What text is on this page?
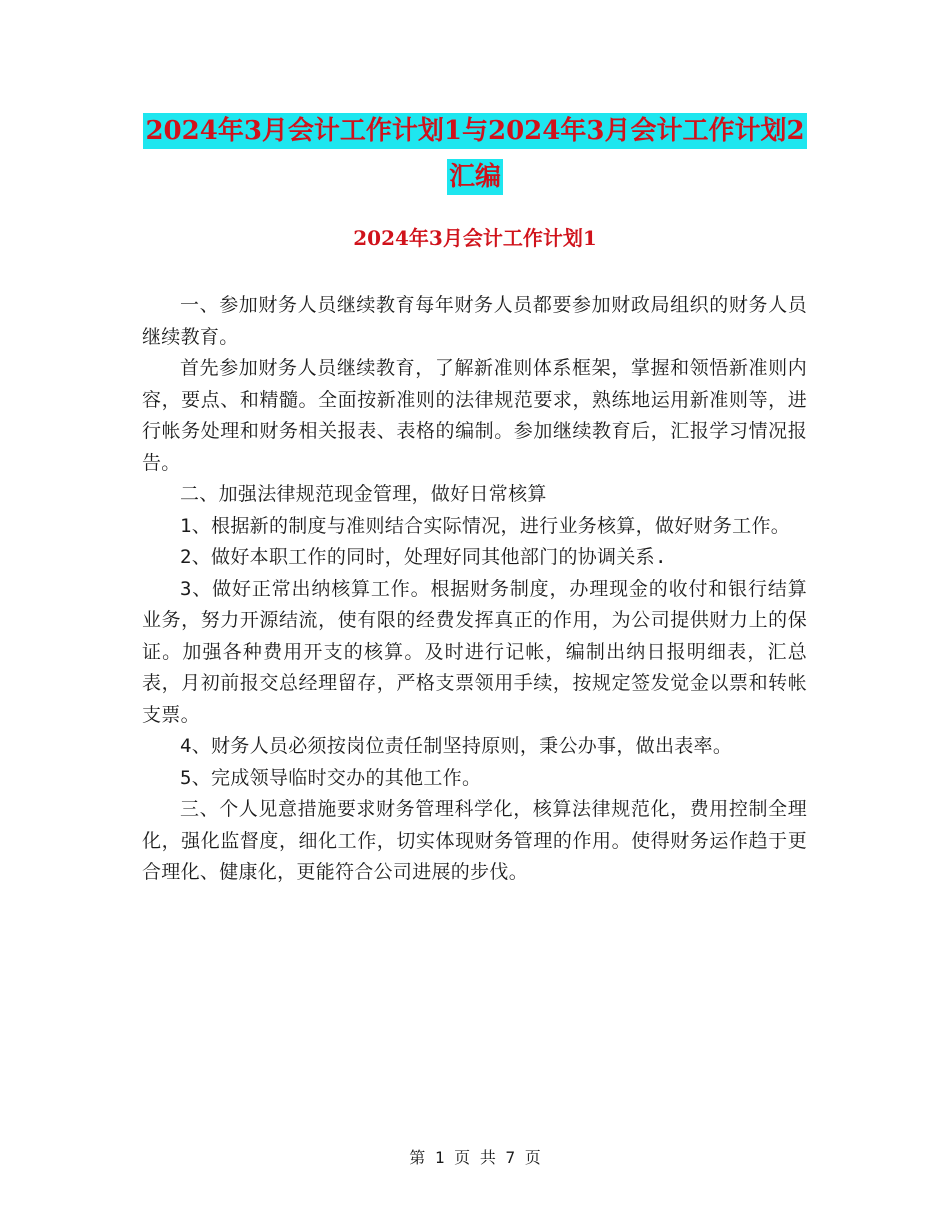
2024年3月会计工作计划1与2024年3月会计工作计划2汇编
2024年3月会计工作计划1

一、参加财务人员继续教育每年财务人员都要参加财政局组织的财务人员继续教育。

首先参加财务人员继续教育，了解新准则体系框架，掌握和领悟新准则内容，要点、和精髓。全面按新准则的法律规范要求，熟练地运用新准则等，进行帐务处理和财务相关报表、表格的编制。参加继续教育后，汇报学习情况报告。

二、加强法律规范现金管理，做好日常核算

1、根据新的制度与准则结合实际情况，进行业务核算，做好财务工作。

2、做好本职工作的同时，处理好同其他部门的协调关系.

3、做好正常出纳核算工作。根据财务制度，办理现金的收付和银行结算业务，努力开源结流，使有限的经费发挥真正的作用，为公司提供财力上的保证。加强各种费用开支的核算。及时进行记帐，编制出纳日报明细表，汇总表，月初前报交总经理留存，严格支票领用手续，按规定签发觉金以票和转帐支票。

4、财务人员必须按岗位责任制坚持原则，秉公办事，做出表率。

5、完成领导临时交办的其他工作。

三、个人见意措施要求财务管理科学化，核算法律规范化，费用控制全理化，强化监督度，细化工作，切实体现财务管理的作用。使得财务运作趋于更合理化、健康化，更能符合公司进展的步伐。

第 1 页 共 7 页
